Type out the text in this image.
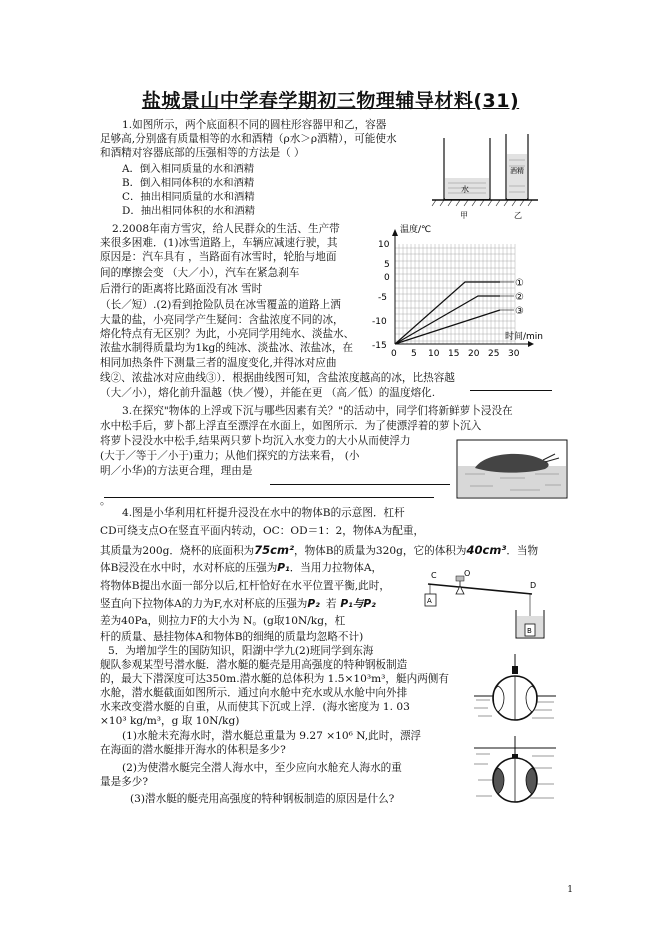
盐城景山中学春学期初三物理辅导材料(31)
1.如图所示，两个底面积不同的圆柱形容器甲和乙，容器
足够高,分别盛有质量相等的水和酒精（ρ水＞ρ酒精），可能使水
和酒精对容器底部的压强相等的方法是（ ）
A．倒入相同质量的水和酒精
B．倒入相同体积的水和酒精
C．抽出相同质量的水和酒精
D．抽出相同体积的水和酒精
水
酒精
甲	乙
2.2008年南方雪灾，给人民群众的生活、生产带
来很多困难．(1)冰雪道路上，车辆应减速行驶，其
原因是：汽车具有 ，当路面有冰雪时，轮胎与地面
间的摩擦会变 （大／小），汽车在紧急刹车
后滑行的距离将比路面没有冰 雪时
（长／短）.(2)看到抢险队员在冰雪覆盖的道路上洒
大量的盐，小亮同学产生疑问：含盐浓度不同的冰，
熔化特点有无区别？为此，小亮同学用纯水、淡盐水、
浓盐水制得质量均为1kg的纯冰、淡盐冰、浓盐冰，在
相同加热条件下测量三者的温度变化,并得冰对应曲
线②、浓盐冰对应曲线③）．根据曲线图可知，含盐浓度越高的冰，比热容越
（大／小），熔化前升温越（快／慢），并能在更 （高／低）的温度熔化.
温度/℃
时间/min
10
5
0
-5
-10
-15
0 5 10 15 20 25 30
①
②
③
3.在探究"物体的上浮或下沉与哪些因素有关？"的活动中，同学们将新鲜萝卜浸没在
水中松手后，萝卜都上浮直至漂浮在水面上，如图所示．为了使漂浮着的萝卜沉入
将萝卜浸没水中松手,结果两只萝卜均沉入水变力的大小从而使浮力
(大于／等于／小于)重力；从他们探究的方法来看， (小
明／小华)的方法更合理，理由是
。
4.图是小华利用杠杆提升浸没在水中的物体B的示意图．杠杆
CD可绕支点O在竖直平面内转动，OC：OD＝1：2，物体A为配重，
其质量为200g．烧杯的底面积为75cm²，物体B的质量为320g，它的体积为40cm³．当物
体B浸没在水中时，水对杯底的压强为P₁．当用力拉物体A，
将物体B提出水面一部分以后,杠杆恰好在水平位置平衡,此时，
竖直向下拉物体A的力为F,水对杯底的压强为P₂ 若 P₁与P₂
差为40Pa，则拉力F的大小为 N。(g取10N/kg，杠
杆的质量、悬挂物体A和物体B的细绳的质量均忽略不计)
C	O
D
A
B
5．为增加学生的国防知识，阳湖中学九(2)班同学到东海
舰队参观某型号潜水艇．潜水艇的艇壳是用高强度的特种钢板制造
的，最大下潜深度可达350m.潜水艇的总体积为 1.5×10³m³，艇内两侧有
水舱，潜水艇截面如图所示．通过向水舱中充水或从水舱中向外排
水来改变潜水艇的自重，从而使其下沉或上浮．(海水密度为 1. 03
×10³ kg/m³，g 取 10N/kg)
(1)水舱未充海水时，潜水艇总重量为 9.27 ×10⁶ N,此时，漂浮
在海面的潜水艇排开海水的体积是多少?
(2)为使潜水艇完全潜人海水中，至少应向水舱充人海水的重
量是多少?
(3)潜水艇的艇壳用高强度的特种钢板制造的原因是什么?
1
